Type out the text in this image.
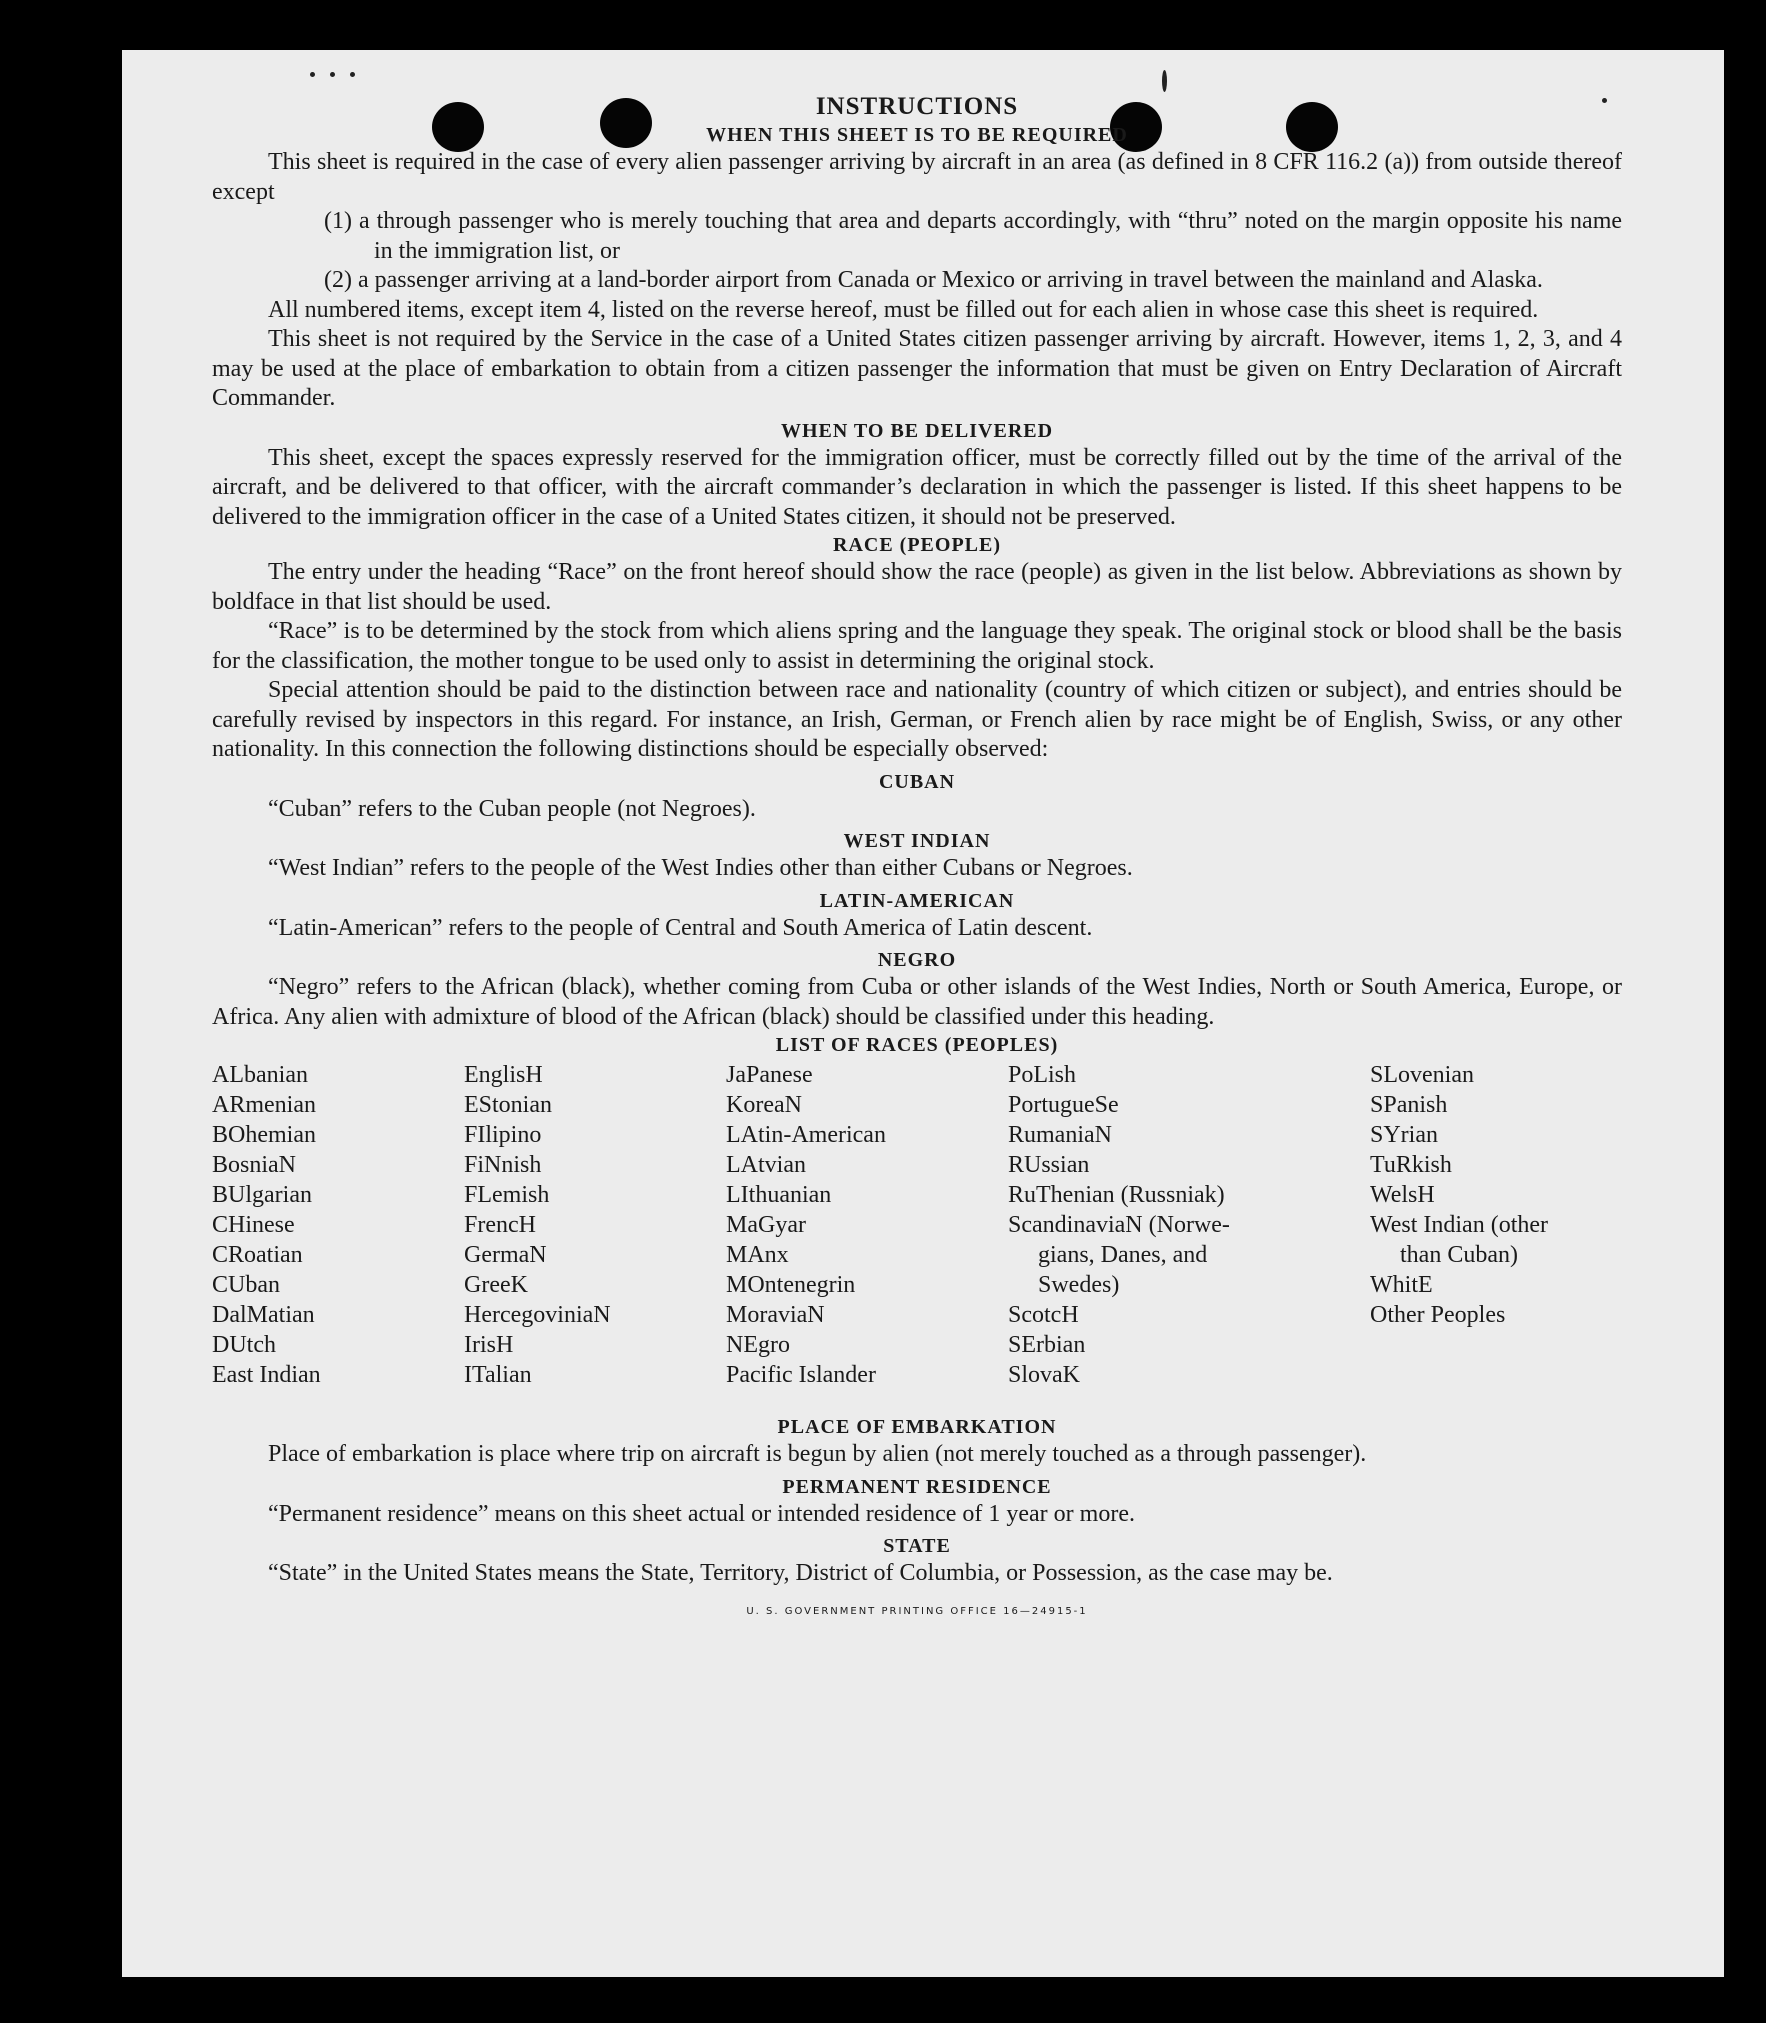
INSTRUCTIONS
WHEN THIS SHEET IS TO BE REQUIRED

This sheet is required in the case of every alien passenger arriving by aircraft in an area (as defined in 8 CFR 116.2 (a)) from outside thereof except

(1) a through passenger who is merely touching that area and departs accordingly, with “thru” noted on the margin opposite his name in the immigration list, or

(2) a passenger arriving at a land-border airport from Canada or Mexico or arriving in travel between the mainland and Alaska.

All numbered items, except item 4, listed on the reverse hereof, must be filled out for each alien in whose case this sheet is required.

This sheet is not required by the Service in the case of a United States citizen passenger arriving by aircraft. However, items 1, 2, 3, and 4 may be used at the place of embarkation to obtain from a citizen passenger the information that must be given on Entry Declaration of Aircraft Commander.

WHEN TO BE DELIVERED

This sheet, except the spaces expressly reserved for the immigration officer, must be correctly filled out by the time of the arrival of the aircraft, and be delivered to that officer, with the aircraft commander’s declaration in which the passenger is listed. If this sheet happens to be delivered to the immigration officer in the case of a United States citizen, it should not be preserved.

RACE (PEOPLE)

The entry under the heading “Race” on the front hereof should show the race (people) as given in the list below. Abbreviations as shown by boldface in that list should be used.

“Race” is to be determined by the stock from which aliens spring and the language they speak. The original stock or blood shall be the basis for the classification, the mother tongue to be used only to assist in determining the original stock.

Special attention should be paid to the distinction between race and nationality (country of which citizen or subject), and entries should be carefully revised by inspectors in this regard. For instance, an Irish, German, or French alien by race might be of English, Swiss, or any other nationality. In this connection the following distinctions should be especially observed:

CUBAN

“Cuban” refers to the Cuban people (not Negroes).

WEST INDIAN

“West Indian” refers to the people of the West Indies other than either Cubans or Negroes.

LATIN-AMERICAN

“Latin-American” refers to the people of Central and South America of Latin descent.

NEGRO

“Negro” refers to the African (black), whether coming from Cuba or other islands of the West Indies, North or South America, Europe, or Africa. Any alien with admixture of blood of the African (black) should be classified under this heading.

LIST OF RACES (PEOPLES)
ALbanian
ARmenian
BOhemian
BosniaN
BUlgarian
CHinese
CRoatian
CUban
DalMatian
DUtch
East Indian
EnglisH
EStonian
FIlipino
FiNnish
FLemish
FrencH
GermaN
GreeK
HercegoviniaN
IrisH
ITalian
JaPanese
KoreaN
LAtin-American
LAtvian
LIthuanian
MaGyar
MAnx
MOntenegrin
MoraviaN
NEgro
Pacific Islander
PoLish
PortugueSe
RumaniaN
RUssian
RuThenian (Russniak)
ScandinaviaN (Norwe-
gians, Danes, and
Swedes)
ScotcH
SErbian
SlovaK
SLovenian
SPanish
SYrian
TuRkish
WelsH
West Indian (other
than Cuban)
WhitE
Other Peoples
PLACE OF EMBARKATION

Place of embarkation is place where trip on aircraft is begun by alien (not merely touched as a through passenger).

PERMANENT RESIDENCE

“Permanent residence” means on this sheet actual or intended residence of 1 year or more.

STATE

“State” in the United States means the State, Territory, District of Columbia, or Possession, as the case may be.

U. S. GOVERNMENT PRINTING OFFICE 16—24915-1
